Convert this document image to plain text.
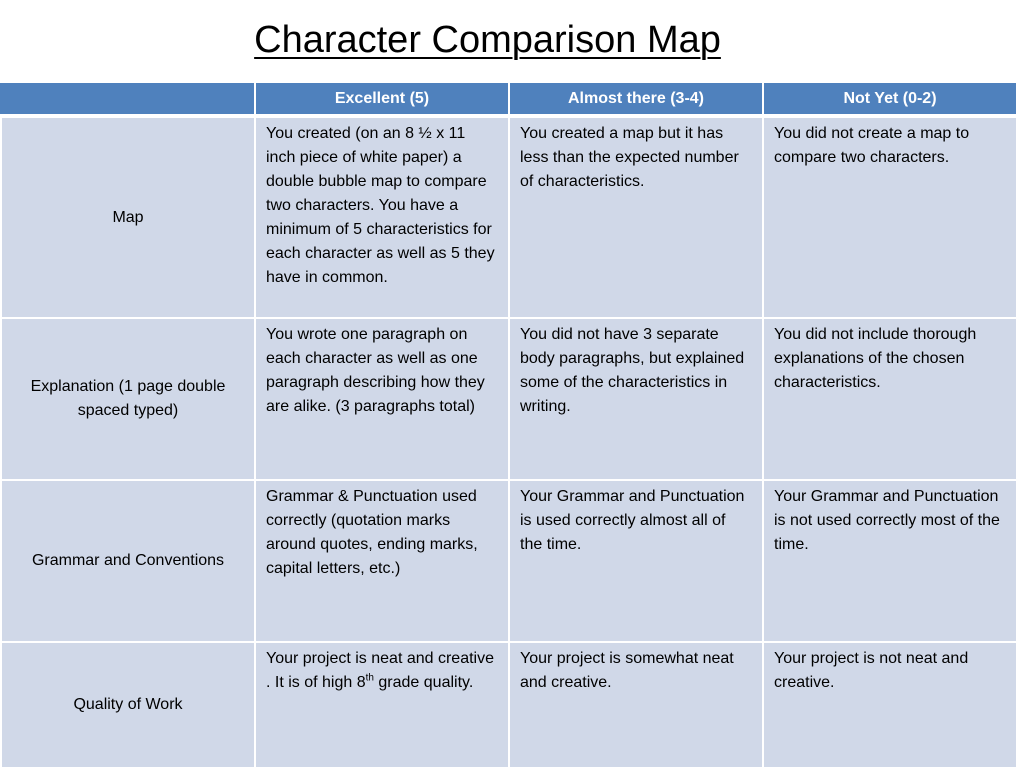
Character Comparison Map
	Excellent (5)	Almost there (3-4)	Not Yet (0-2)
Map	You created (on an 8 ½ x 11 inch piece of white paper) a double bubble map to compare two characters. You have a minimum of 5 characteristics for each character as well as 5 they have in common.	You created a map but it has less than the expected number of characteristics.	You did not create a map to compare two characters.
Explanation (1 page double spaced typed)	You wrote one paragraph on each character as well as one paragraph describing how they are alike. (3 paragraphs total)	You did not have 3 separate body paragraphs, but explained some of the characteristics in writing.	You did not include thorough explanations of the chosen characteristics.
Grammar and Conventions	Grammar & Punctuation used correctly (quotation marks around quotes, ending marks, capital letters, etc.)	Your Grammar and Punctuation is used correctly almost all of the time.	Your Grammar and Punctuation is not used correctly most of the time.
Quality of Work	Your project is neat and creative . It is of high 8th grade quality.	Your project is somewhat neat and creative.	Your project is not neat and creative.
